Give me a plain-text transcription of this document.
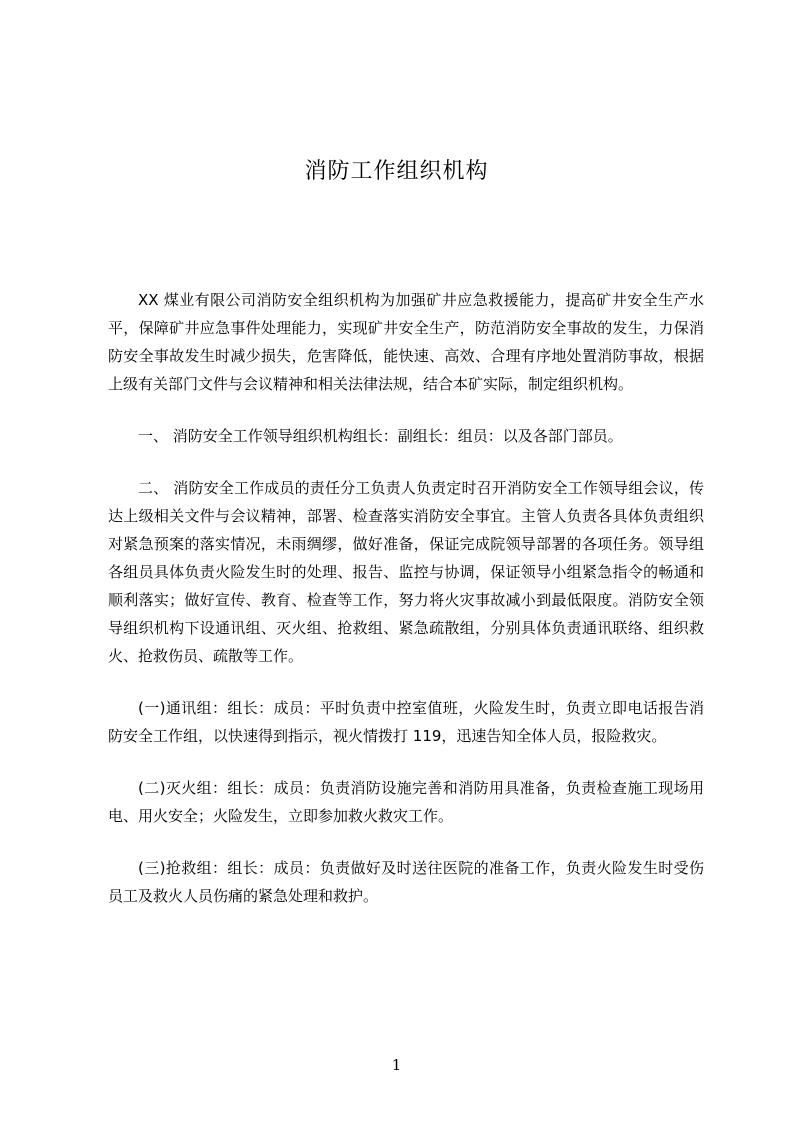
消防工作组织机构

XX 煤业有限公司消防安全组织机构为加强矿井应急救援能力，提高矿井安全生产水平，保障矿井应急事件处理能力，实现矿井安全生产，防范消防安全事故的发生，力保消防安全事故发生时减少损失，危害降低，能快速、高效、合理有序地处置消防事故，根据上级有关部门文件与会议精神和相关法律法规，结合本矿实际，制定组织机构。

一、 消防安全工作领导组织机构组长：副组长：组员：以及各部门部员。

二、 消防安全工作成员的责任分工负责人负责定时召开消防安全工作领导组会议，传达上级相关文件与会议精神，部署、检查落实消防安全事宜。主管人负责各具体负责组织对紧急预案的落实情况，未雨绸缪，做好准备，保证完成院领导部署的各项任务。领导组各组员具体负责火险发生时的处理、报告、监控与协调，保证领导小组紧急指令的畅通和顺利落实；做好宣传、教育、检查等工作，努力将火灾事故减小到最低限度。消防安全领导组织机构下设通讯组、灭火组、抢救组、紧急疏散组，分别具体负责通讯联络、组织救火、抢救伤员、疏散等工作。

(一)通讯组：组长：成员：平时负责中控室值班，火险发生时，负责立即电话报告消防安全工作组，以快速得到指示，视火情拨打 119，迅速告知全体人员，报险救灾。

(二)灭火组：组长：成员：负责消防设施完善和消防用具准备，负责检查施工现场用电、用火安全；火险发生，立即参加救火救灾工作。

(三)抢救组：组长：成员：负责做好及时送往医院的准备工作，负责火险发生时受伤员工及救火人员伤痛的紧急处理和救护。

1
